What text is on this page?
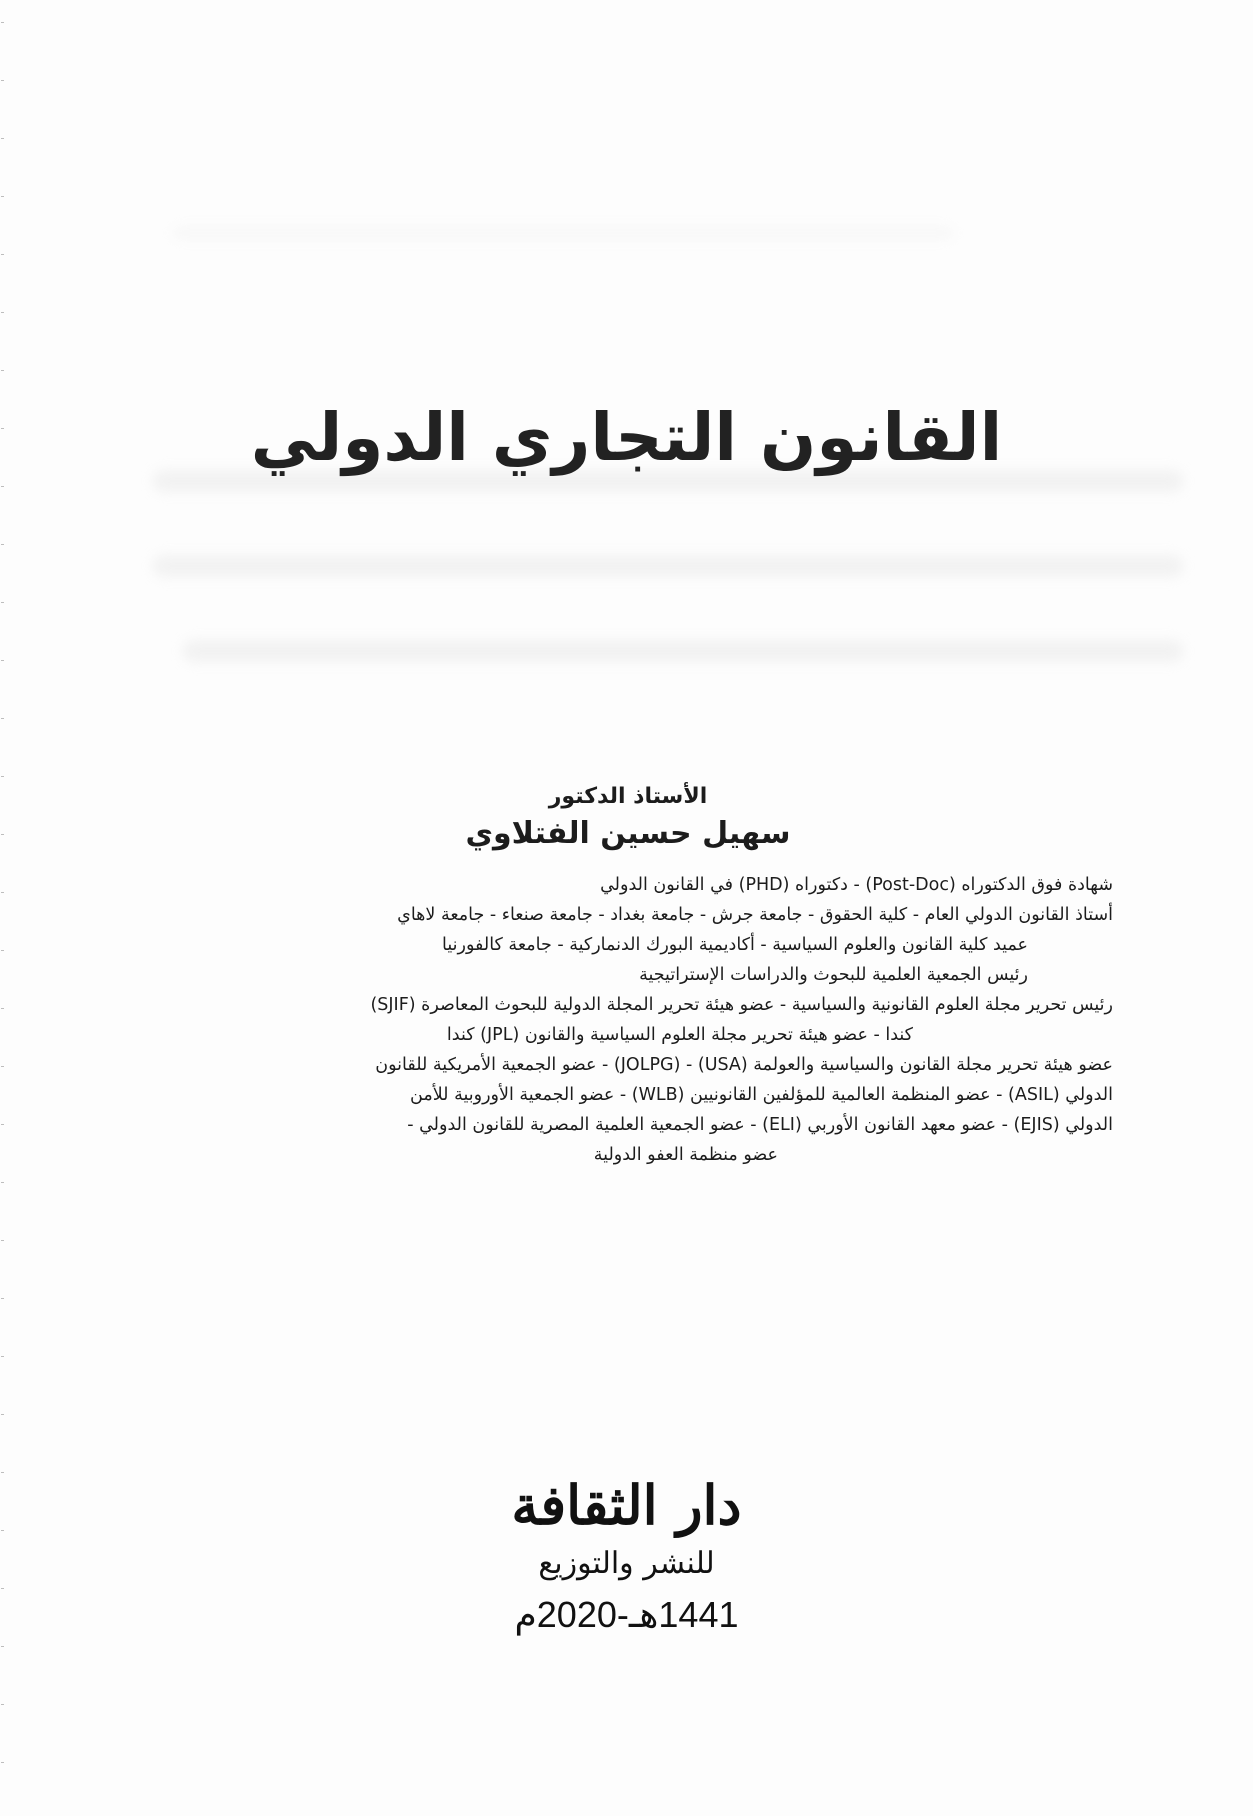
القانون التجاري الدولي

الأستاذ الدكتور

سهيل حسين الفتلاوي

شهادة فوق الدكتوراه (Post-Doc) - دكتوراه (PHD) في القانون الدولي

أستاذ القانون الدولي العام - كلية الحقوق - جامعة جرش - جامعة بغداد - جامعة صنعاء - جامعة لاهاي

عميد كلية القانون والعلوم السياسية - أكاديمية البورك الدنماركية - جامعة كالفورنيا

رئيس الجمعية العلمية للبحوث والدراسات الإستراتيجية

رئيس تحرير مجلة العلوم القانونية والسياسية - عضو هيئة تحرير المجلة الدولية للبحوث المعاصرة (SJIF)

كندا - عضو هيئة تحرير مجلة العلوم السياسية والقانون (JPL) كندا

عضو هيئة تحرير مجلة القانون والسياسية والعولمة (USA) - (JOLPG) - عضو الجمعية الأمريكية للقانون

الدولي (ASIL) - عضو المنظمة العالمية للمؤلفين القانونيين (WLB) - عضو الجمعية الأوروبية للأمن

الدولي (EJIS) - عضو معهد القانون الأوربي (ELI) - عضو الجمعية العلمية المصرية للقانون الدولي -

عضو منظمة العفو الدولية

دار الثقافة

للنشر والتوزيع

1441هـ-2020م
